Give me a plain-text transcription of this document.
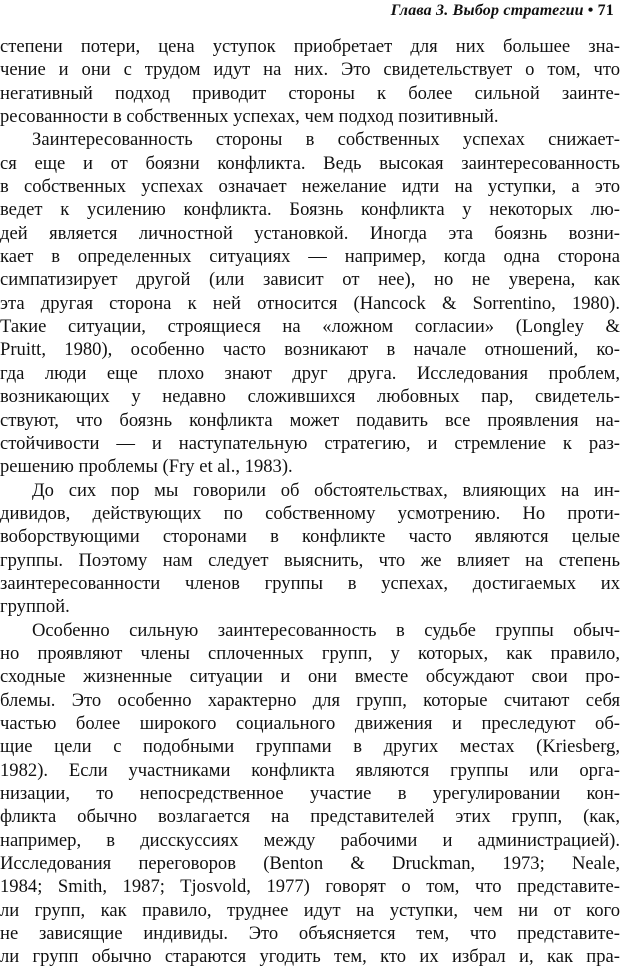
Глава 3. Выбор стратегии • 71
степени потери, цена уступок приобретает для них большее зна-
чение и они с трудом идут на них. Это свидетельствует о том, что
негативный подход приводит стороны к более сильной заинте-
ресованности в собственных успехах, чем подход позитивный.
Заинтересованность стороны в собственных успехах снижает-
ся еще и от боязни конфликта. Ведь высокая заинтересованность
в собственных успехах означает нежелание идти на уступки, а это
ведет к усилению конфликта. Боязнь конфликта у некоторых лю-
дей является личностной установкой. Иногда эта боязнь возни-
кает в определенных ситуациях — например, когда одна сторона
симпатизирует другой (или зависит от нее), но не уверена, как
эта другая сторона к ней относится (Hancock & Sorrentino, 1980).
Такие ситуации, строящиеся на «ложном согласии» (Longley &
Pruitt, 1980), особенно часто возникают в начале отношений, ко-
гда люди еще плохо знают друг друга. Исследования проблем,
возникающих у недавно сложившихся любовных пар, свидетель-
ствуют, что боязнь конфликта может подавить все проявления на-
стойчивости — и наступательную стратегию, и стремление к раз-
решению проблемы (Fry et al., 1983).
До сих пор мы говорили об обстоятельствах, влияющих на ин-
дивидов, действующих по собственному усмотрению. Но проти-
воборствующими сторонами в конфликте часто являются целые
группы. Поэтому нам следует выяснить, что же влияет на степень
заинтересованности членов группы в успехах, достигаемых их
группой.
Особенно сильную заинтересованность в судьбе группы обыч-
но проявляют члены сплоченных групп, у которых, как правило,
сходные жизненные ситуации и они вместе обсуждают свои про-
блемы. Это особенно характерно для групп, которые считают себя
частью более широкого социального движения и преследуют об-
щие цели с подобными группами в других местах (Kriesberg,
1982). Если участниками конфликта являются группы или орга-
низации, то непосредственное участие в урегулировании кон-
фликта обычно возлагается на представителей этих групп, (как,
например, в дисскуссиях между рабочими и администрацией).
Исследования переговоров (Benton & Druckman, 1973; Neale,
1984; Smith, 1987; Tjosvold, 1977) говорят о том, что представите-
ли групп, как правило, труднее идут на уступки, чем ни от кого
не зависящие индивиды. Это объясняется тем, что представите-
ли групп обычно стараются угодить тем, кто их избрал и, как пра-
